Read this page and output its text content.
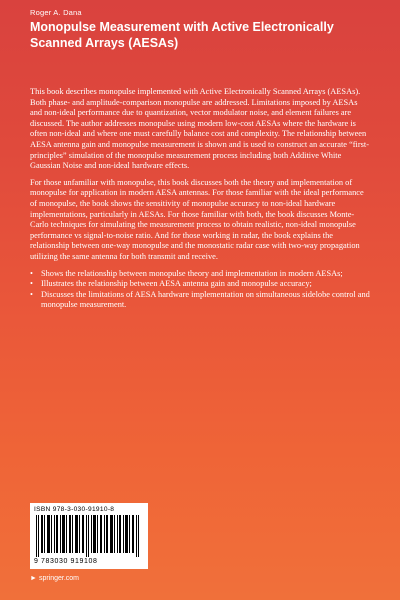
Roger A. Dana
Monopulse Measurement with Active Electronically Scanned Arrays (AESAs)

This book describes monopulse implemented with Active Electronically Scanned Arrays (AESAs). Both phase- and amplitude-comparison monopulse are addressed. Limitations imposed by AESAs and non-ideal performance due to quantization, vector modulator noise, and element failures are discussed. The author addresses monopulse using modern low-cost AESAs where the hardware is often non-ideal and where one must carefully balance cost and complexity. The relationship between AESA antenna gain and monopulse measurement is shown and is used to construct an accurate “first-principles” simulation of the monopulse measurement process including both Additive White Gaussian Noise and non-ideal hardware effects.

For those unfamiliar with monopulse, this book discusses both the theory and implementation of monopulse for application in modern AESA antennas. For those familiar with the ideal performance of monopulse, the book shows the sensitivity of monopulse accuracy to non-ideal hardware implementations, particularly in AESAs. For those familiar with both, the book discusses Monte-Carlo techniques for simulating the measurement process to obtain realistic, non-ideal monopulse performance vs signal-to-noise ratio. And for those working in radar, the book explains the relationship between one-way monopulse and the monostatic radar case with two-way propagation utilizing the same antenna for both transmit and receive.

• Shows the relationship between monopulse theory and implementation in modern AESAs;
• Illustrates the relationship between AESA antenna gain and monopulse accuracy;
• Discusses the limitations of AESA hardware implementation on simultaneous sidelobe control and monopulse measurement.
ISBN 978-3-030-91910-8
9 783030 919108
► springer.com
